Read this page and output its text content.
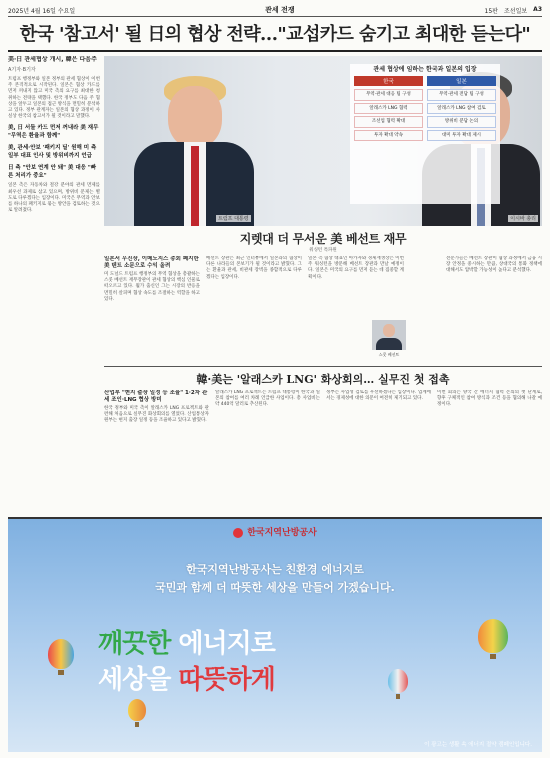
2025년 4월 16일 수요일	관세 전쟁	15판 조선일보 A3
한국 '참고서' 될 日의 협상 전략…"교섭카드 숨기고 최대한 듣는다"
美·日 관세협상 개시, 韓은 다음주
A기자·B기자
트럼프 행정부와 일본 정부의 관세 협상이 이번 주 본격적으로 시작된다. 일본은 협상 카드를 먼저 꺼내지 않고 미국 측의 요구를 최대한 청취하는 전략을 택했다. 한국 정부도 다음 주 협상을 앞두고 일본의 접근 방식을 면밀히 분석하고 있다. 정부 관계자는 일본의 협상 과정이 사실상 한국의 참고서가 될 것이라고 말했다.
美, 日 서둘 카드 먼저 꺼내라 美 재무 "무역은 환율과 함께"
美, 관세·안보 '패키지 딜' 원해 미 측 일부 대표 인사 및 방위비까지 언급
日 측 "안보 연계 안 돼" 美 대응 "빠른 처리가 중요"
일본 측은 자동차와 철강 분야의 관세 면제를 최우선 과제로 삼고 있으며, 방위비 문제는 별도로 다루겠다는 입장이다. 미국은 무역과 안보를 하나의 패키지로 묶는 방안을 검토하는 것으로 알려졌다.
트럼프 대통령	이시바 총리
관세 협상에 임하는 한국과 일본의 입장
한국	일본
무역·관세 대응 팀 구성	무역·관세 전담 팀 구성
알래스카 LNG 협력	알래스카 LNG 참여 검토
조선업 협력 확대	방위비 분담 논의
투자 확대 약속	대미 투자 확대 제시
지렛대 더 무서운 美 베선트 재무
워싱턴 특파원
일본서 무진장, 이메노지스 총회 폐지한 美 텐트 소문으로 수익 올려
미 도널드 트럼프 행정부의 무역 협상을 총괄하는 스콧 베선트 재무장관이 관세 협상의 핵심 인물로 떠오르고 있다. 월가 출신인 그는 시장의 반응을 면밀히 살피며 협상 속도를 조절하는 역할을 하고 있다.
베선트 장관은 최근 인터뷰에서 일본과의 협상이 다른 나라들의 본보기가 될 것이라고 밝혔다. 그는 환율과 관세, 비관세 장벽을 종합적으로 다루겠다는 입장이다.
일본 측 협상 대표인 아카자와 경제재생상은 이번 주 워싱턴을 방문해 베선트 장관과 만날 예정이다. 일본은 미국의 요구를 먼저 듣는 데 집중할 계획이다.
전문가들은 베선트 장관이 협상 과정에서 금융 시장 안정을 중시하는 만큼, 상대국의 통화 정책에 대해서도 압박할 가능성이 높다고 분석했다.
스콧 베선트
韓·美는 '알래스카 LNG' 화상회의… 실무진 첫 접촉
산업부 "현지 출장 일정 등 조율" 1·2차 관세 조인·LNG 협상 방미
한국 정부와 미국 측이 알래스카 LNG 프로젝트와 관련해 처음으로 실무진 화상회의를 열었다. 산업통상자원부는 현지 출장 일정 등을 조율하고 있다고 밝혔다.
알래스카 LNG 프로젝트는 트럼프 대통령이 한국과 일본의 참여를 여러 차례 언급한 사업이다. 총 사업비는 약 440억 달러로 추산된다.
정부는 사업성 검토를 우선하겠다는 입장이다. 업계에서는 경제성에 대한 의문이 여전히 제기되고 있다.
이번 회의는 양국 간 에너지 협력 논의의 첫 단계로, 향후 구체적인 참여 방식과 조건 등을 협의해 나갈 예정이다.
한국지역난방공사
한국지역난방공사는 친환경 에너지로
국민과 함께 더 따뜻한 세상을 만들어 가겠습니다.
깨끗한 에너지로
세상을 따뜻하게
이 광고는 생활 속 에너지 절약 캠페인입니다.
